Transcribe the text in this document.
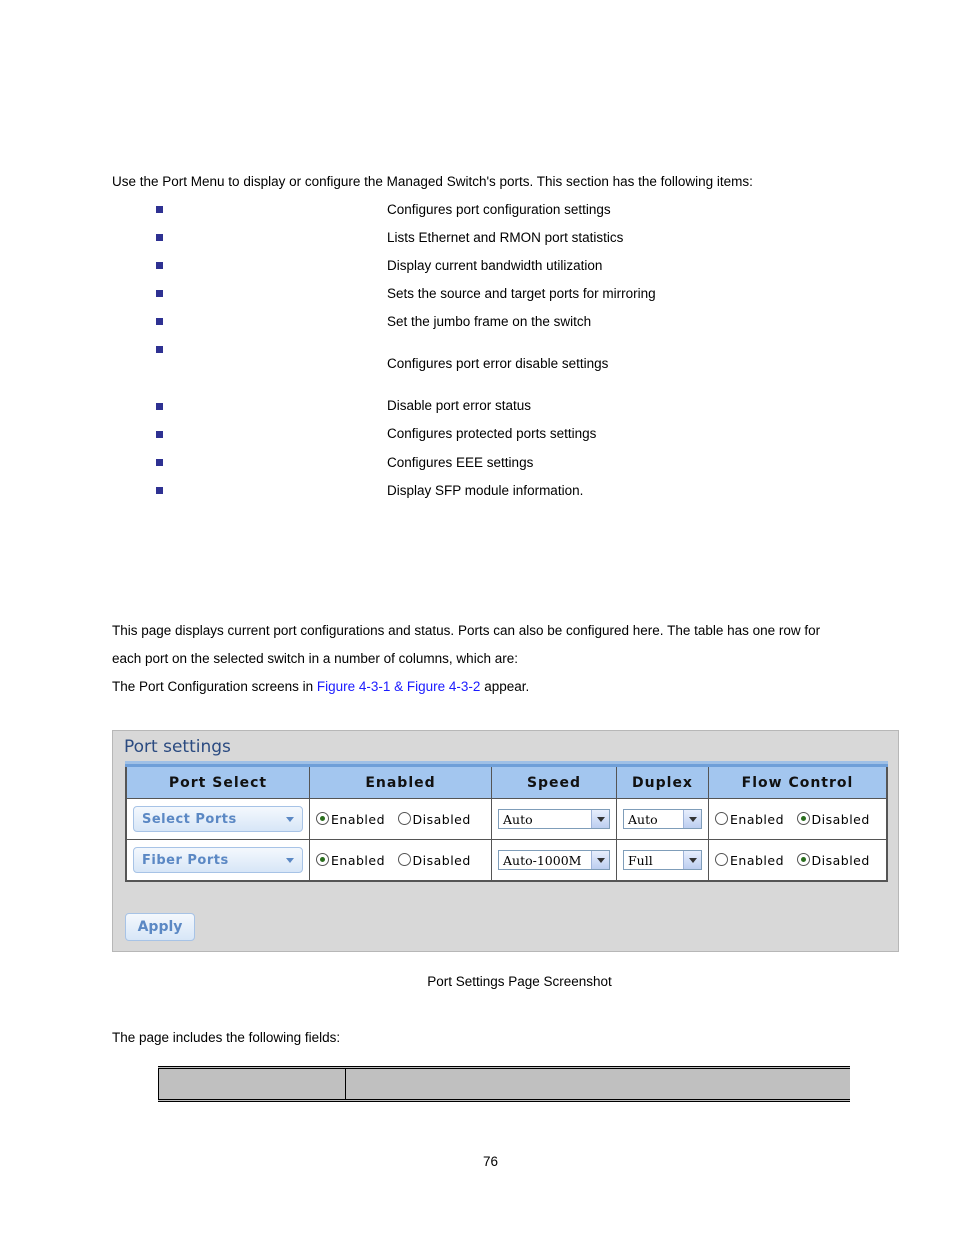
Use the Port Menu to display or configure the Managed Switch's ports. This section has the following items:
Configures port configuration settings
Lists Ethernet and RMON port statistics
Display current bandwidth utilization
Sets the source and target ports for mirroring
Set the jumbo frame on the switch
Configures port error disable settings
Disable port error status
Configures protected ports settings
Configures EEE settings
Display SFP module information.
This page displays current port configurations and status. Ports can also be configured here. The table has one row for
each port on the selected switch in a number of columns, which are:
The Port Configuration screens in Figure 4-3-1 & Figure 4-3-2 appear.
Port settings
Port Select	Enabled	Speed	Duplex	Flow Control

Select Ports	Enabled Disabled	Auto	Auto	Enabled Disabled

Fiber Ports	Enabled Disabled	Auto-1000M	Full	Enabled Disabled
Apply
Port Settings Page Screenshot
The page includes the following fields:
76
